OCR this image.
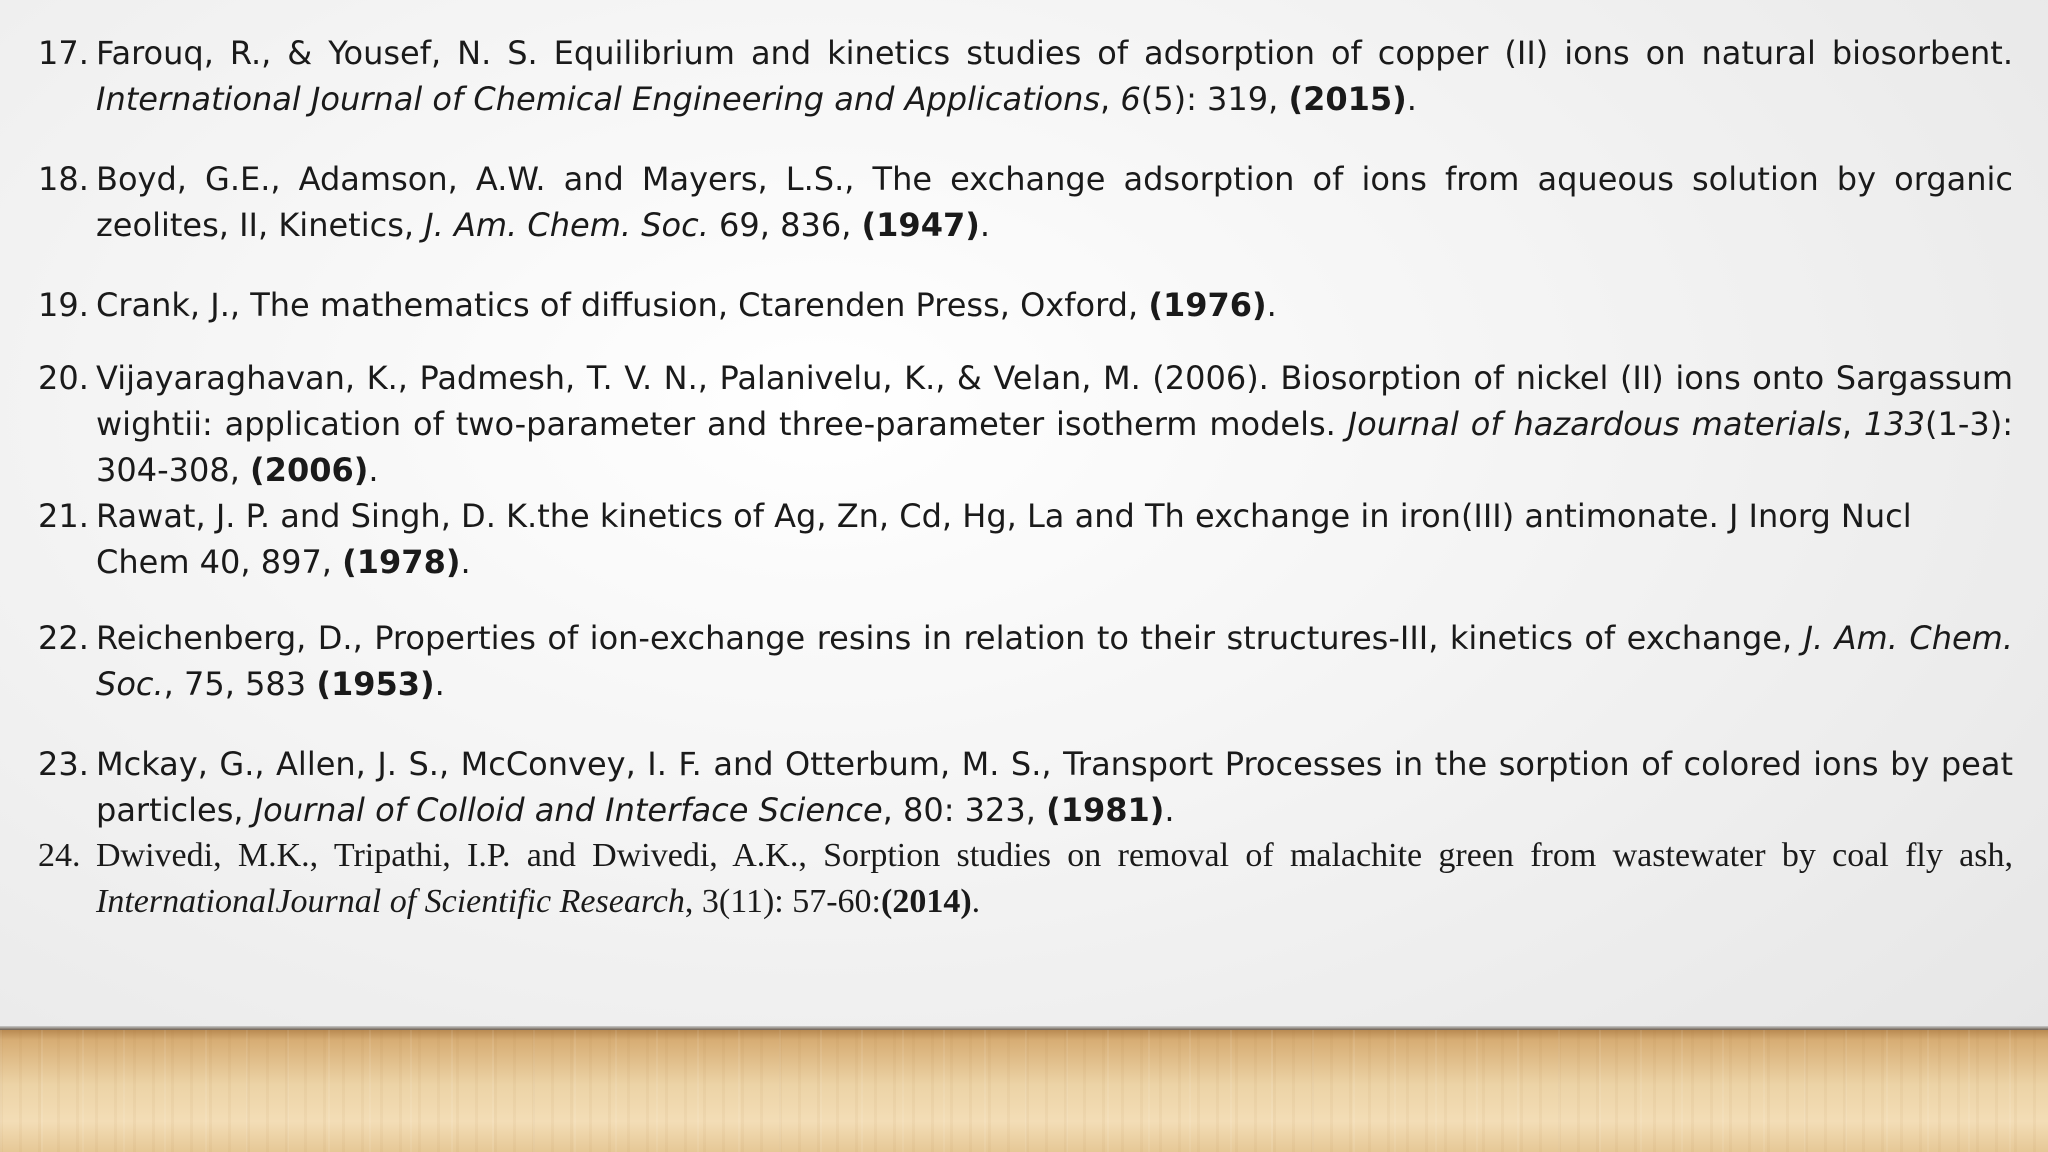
17. Farouq, R., & Yousef, N. S. Equilibrium and kinetics studies of adsorption of copper (II) ions on natural biosorbent. International Journal of Chemical Engineering and Applications, 6(5): 319, (2015).
18. Boyd, G.E., Adamson, A.W. and Mayers, L.S., The exchange adsorption of ions from aqueous solution by organic zeolites, II, Kinetics, J. Am. Chem. Soc. 69, 836, (1947).
19. Crank, J., The mathematics of diffusion, Ctarenden Press, Oxford, (1976).
20. Vijayaraghavan, K., Padmesh, T. V. N., Palanivelu, K., & Velan, M. (2006). Biosorption of nickel (II) ions onto Sargassum wightii: application of two-parameter and three-parameter isotherm models. Journal of hazardous materials, 133(1-3): 304-308, (2006).
21. Rawat, J. P. and Singh, D. K.the kinetics of Ag, Zn, Cd, Hg, La and Th exchange in iron(III) antimonate. J Inorg Nucl Chem 40, 897, (1978).
22. Reichenberg, D., Properties of ion-exchange resins in relation to their structures-III, kinetics of exchange, J. Am. Chem. Soc., 75, 583 (1953).
23. Mckay, G., Allen, J. S., McConvey, I. F. and Otterbum, M. S., Transport Processes in the sorption of colored ions by peat particles, Journal of Colloid and Interface Science, 80: 323, (1981).
24. Dwivedi, M.K., Tripathi, I.P. and Dwivedi, A.K., Sorption studies on removal of malachite green from wastewater by coal fly ash, InternationalJournal of Scientific Research, 3(11): 57-60:(2014).
